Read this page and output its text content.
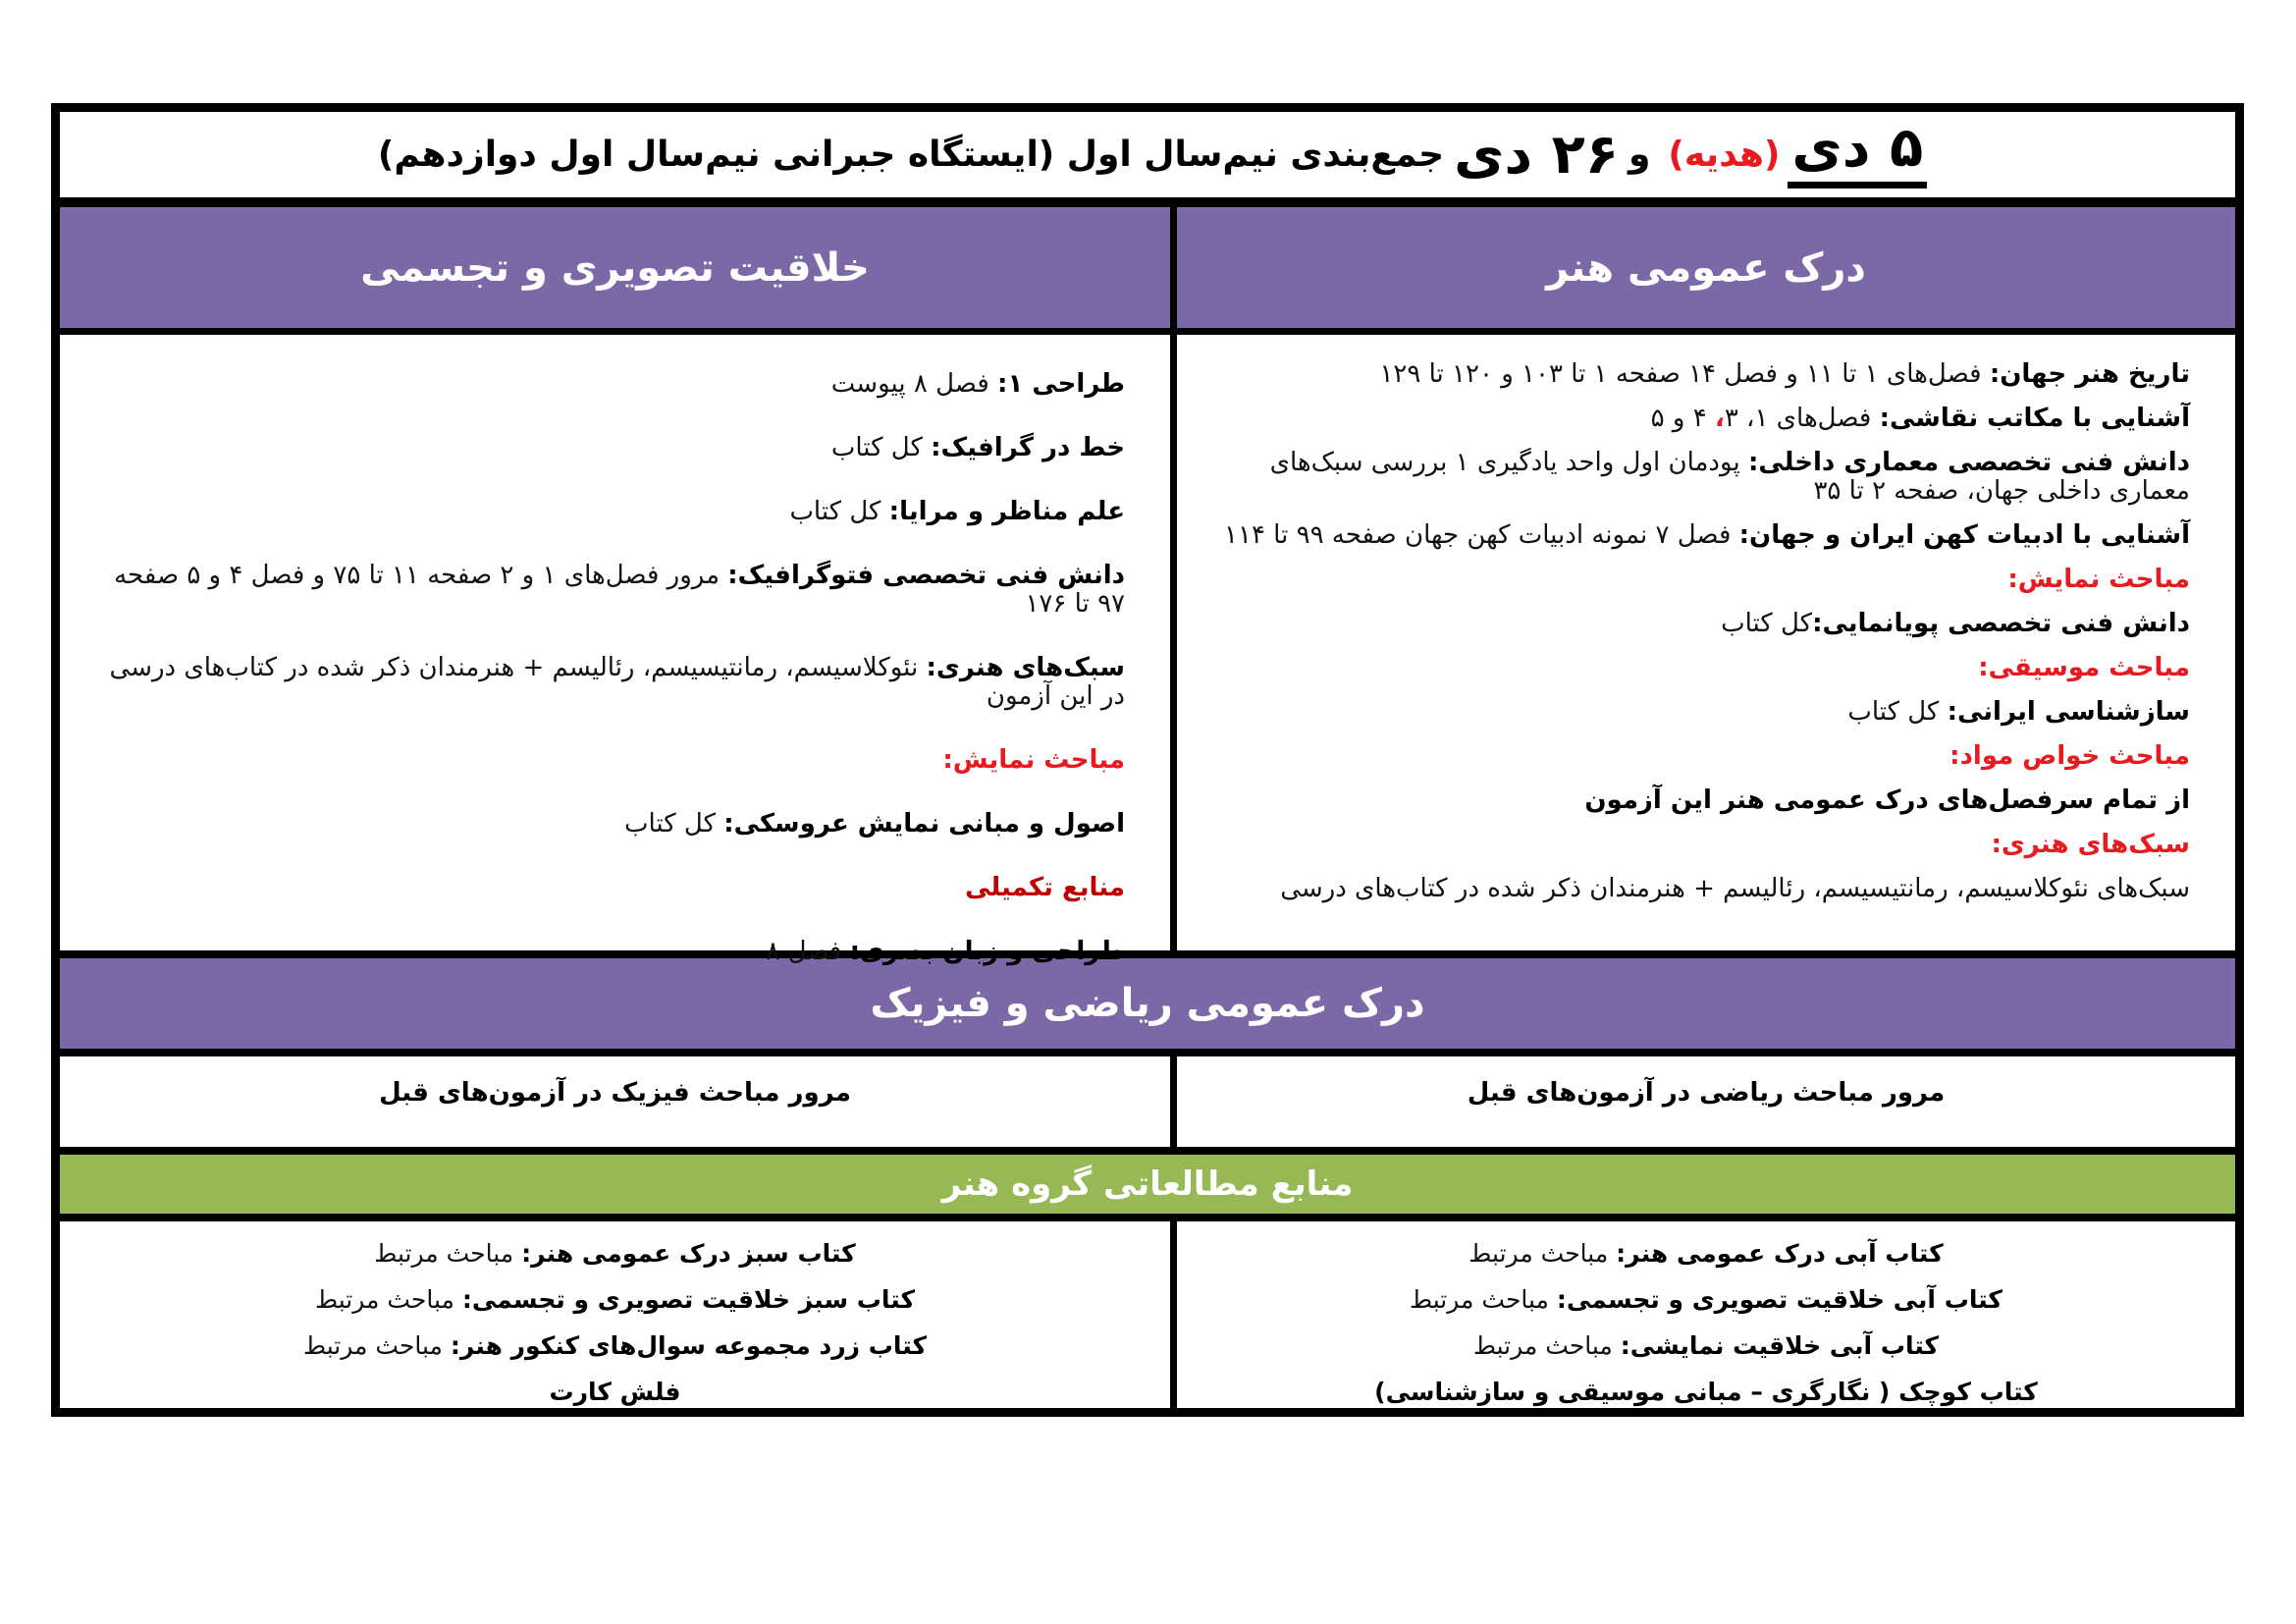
۵ دی
(هدیه)
و
۲۶ دی
جمع‌بندی نیم‌سال اول (ایستگاه جبرانی نیم‌سال اول دوازدهم)
درک عمومی هنر
خلاقیت تصویری و تجسمی
تاریخ هنر جهان: فصل‌های ۱ تا ۱۱ و فصل ۱۴ صفحه ۱ تا ۱۰۳ و ۱۲۰ تا ۱۲۹
آشنایی با مکاتب نقاشی: فصل‌های ۱، ۳، ۴ و ۵
دانش فنی تخصصی معماری داخلی: پودمان اول واحد یادگیری ۱ بررسی سبک‌های معماری داخلی جهان، صفحه ۲ تا ۳۵
آشنایی با ادبیات کهن ایران و جهان: فصل ۷ نمونه ادبیات کهن جهان صفحه ۹۹ تا ۱۱۴
مباحث نمایش:
دانش فنی تخصصی پویانمایی:کل کتاب
مباحث موسیقی:
سازشناسی ایرانی: کل کتاب
مباحث خواص مواد:
از تمام سرفصل‌های درک عمومی هنر این آزمون
سبک‌های هنری:
سبک‌های نئوکلاسیسم، رمانتیسیسم، رئالیسم + هنرمندان ذکر شده در کتاب‌های درسی
طراحی ۱: فصل ۸ پیوست
خط در گرافیک: کل کتاب
علم مناظر و مرایا: کل کتاب
دانش فنی تخصصی فتوگرافیک: مرور فصل‌های ۱ و ۲ صفحه ۱۱ تا ۷۵ و فصل ۴ و ۵ صفحه ۹۷ تا ۱۷۶
سبک‌های هنری: نئوکلاسیسم، رمانتیسیسم، رئالیسم + هنرمندان ذکر شده در کتاب‌های درسی در این آزمون
مباحث نمایش:
اصول و مبانی نمایش عروسکی: کل کتاب
منابع تکمیلی
طراحی و زبان بصری: فصل ۸
درک عمومی ریاضی و فیزیک
مرور مباحث ریاضی در آزمون‌های قبل
مرور مباحث فیزیک در آزمون‌های قبل
منابع مطالعاتی گروه هنر
کتاب آبی درک عمومی هنر: مباحث مرتبط
کتاب آبی خلاقیت تصویری و تجسمی: مباحث مرتبط
کتاب آبی خلاقیت نمایشی: مباحث مرتبط
کتاب کوچک ( نگارگری – مبانی موسیقی و سازشناسی)
کتاب سبز درک عمومی هنر: مباحث مرتبط
کتاب سبز خلاقیت تصویری و تجسمی: مباحث مرتبط
کتاب زرد مجموعه سوال‌های کنکور هنر: مباحث مرتبط
فلش کارت
